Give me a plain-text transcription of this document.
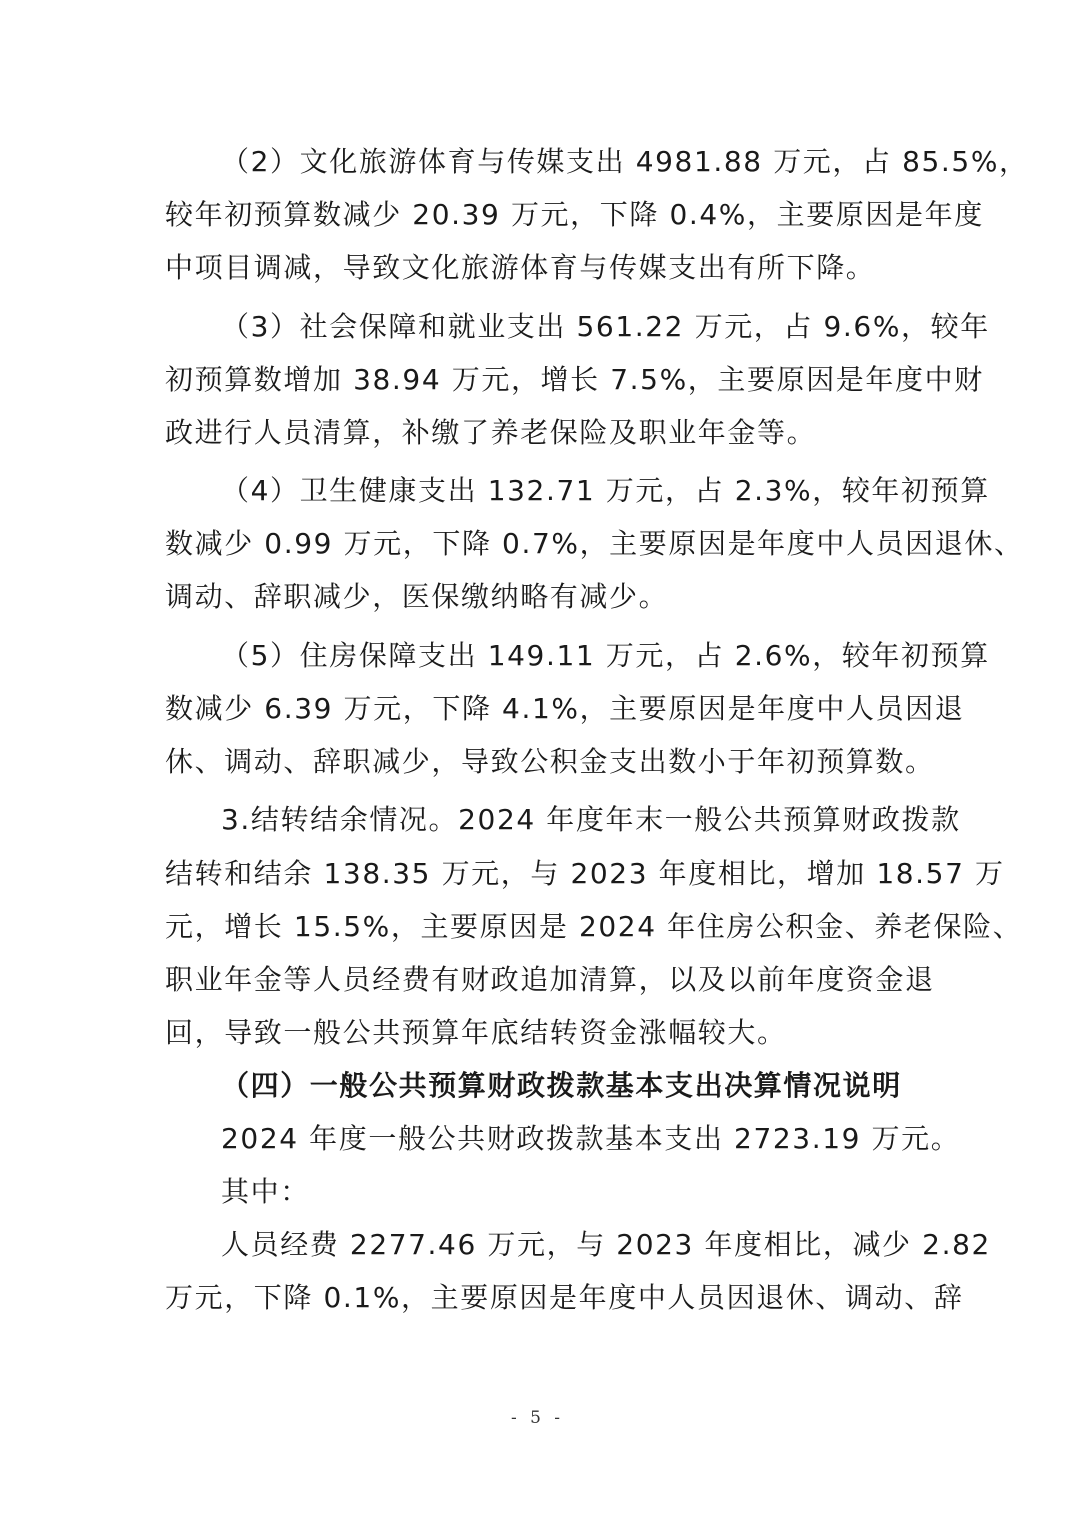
（2）文化旅游体育与传媒支出 4981.88 万元，占 85.5%，
较年初预算数减少 20.39 万元，下降 0.4%，主要原因是年度
中项目调减，导致文化旅游体育与传媒支出有所下降。
（3）社会保障和就业支出 561.22 万元，占 9.6%，较年
初预算数增加 38.94 万元，增长 7.5%，主要原因是年度中财
政进行人员清算，补缴了养老保险及职业年金等。
（4）卫生健康支出 132.71 万元，占 2.3%，较年初预算
数减少 0.99 万元，下降 0.7%，主要原因是年度中人员因退休、
调动、辞职减少，医保缴纳略有减少。
（5）住房保障支出 149.11 万元，占 2.6%，较年初预算
数减少 6.39 万元，下降 4.1%，主要原因是年度中人员因退
休、调动、辞职减少，导致公积金支出数小于年初预算数。
3.结转结余情况。2024 年度年末一般公共预算财政拨款
结转和结余 138.35 万元，与 2023 年度相比，增加 18.57 万
元，增长 15.5%，主要原因是 2024 年住房公积金、养老保险、
职业年金等人员经费有财政追加清算，以及以前年度资金退
回，导致一般公共预算年底结转资金涨幅较大。
（四）一般公共预算财政拨款基本支出决算情况说明
2024 年度一般公共财政拨款基本支出 2723.19 万元。
其中：
人员经费 2277.46 万元，与 2023 年度相比，减少 2.82
万元，下降 0.1%，主要原因是年度中人员因退休、调动、辞
- 5 -
